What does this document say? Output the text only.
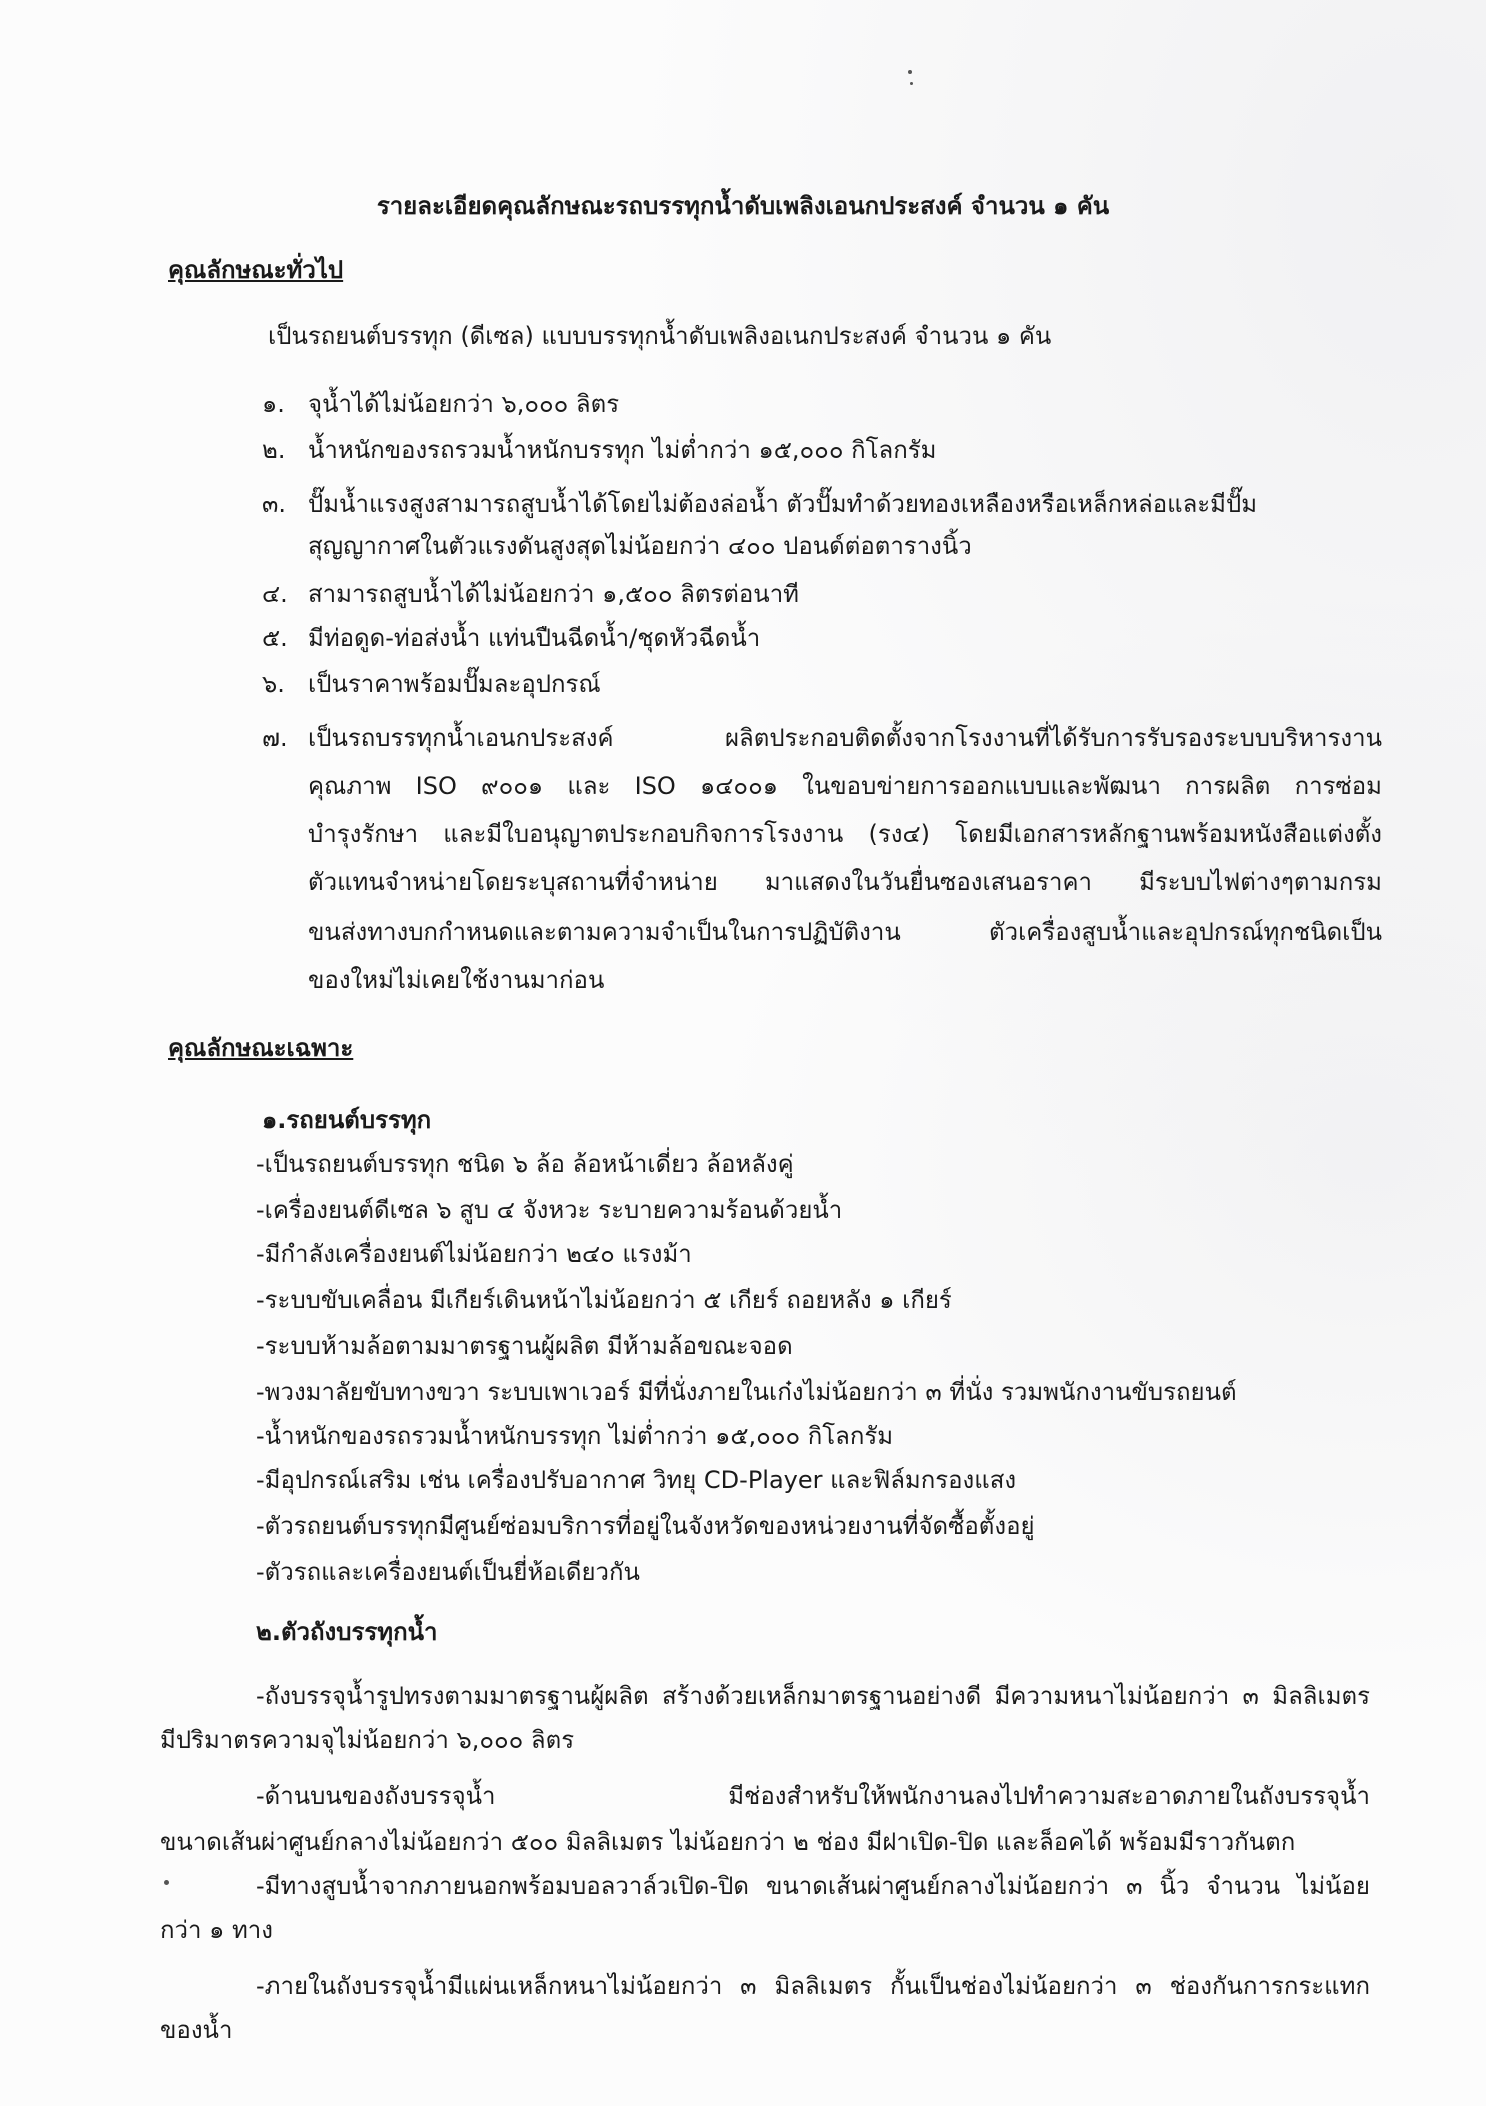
รายละเอียดคุณลักษณะรถบรรทุกน้ำดับเพลิงเอนกประสงค์ จำนวน ๑ คัน
คุณลักษณะทั่วไป
เป็นรถยนต์บรรทุก (ดีเซล) แบบบรรทุกน้ำดับเพลิงอเนกประสงค์ จำนวน ๑ คัน
๑. จุน้ำได้ไม่น้อยกว่า ๖,๐๐๐ ลิตร
๒. น้ำหนักของรถรวมน้ำหนักบรรทุก ไม่ต่ำกว่า ๑๕,๐๐๐ กิโลกรัม
๓. ปั๊มน้ำแรงสูงสามารถสูบน้ำได้โดยไม่ต้องล่อน้ำ ตัวปั๊มทำด้วยทองเหลืองหรือเหล็กหล่อและมีปั๊ม
สุญญากาศในตัวแรงดันสูงสุดไม่น้อยกว่า ๔๐๐ ปอนด์ต่อตารางนิ้ว
๔. สามารถสูบน้ำได้ไม่น้อยกว่า ๑,๕๐๐ ลิตรต่อนาที
๕. มีท่อดูด-ท่อส่งน้ำ แท่นปืนฉีดน้ำ/ชุดหัวฉีดน้ำ
๖. เป็นราคาพร้อมปั๊มละอุปกรณ์
๗. เป็นรถบรรทุกน้ำเอนกประสงค์ ผลิตประกอบติดตั้งจากโรงงานที่ได้รับการรับรองระบบบริหารงาน
คุณภาพ ISO ๙๐๐๑ และ ISO ๑๔๐๐๑ ในขอบข่ายการออกแบบและพัฒนา การผลิต การซ่อม
บำรุงรักษา และมีใบอนุญาตประกอบกิจการโรงงาน (รง๔) โดยมีเอกสารหลักฐานพร้อมหนังสือแต่งตั้ง
ตัวแทนจำหน่ายโดยระบุสถานที่จำหน่าย มาแสดงในวันยื่นซองเสนอราคา มีระบบไฟต่างๆตามกรม
ขนส่งทางบกกำหนดและตามความจำเป็นในการปฏิบัติงาน ตัวเครื่องสูบน้ำและอุปกรณ์ทุกชนิดเป็น
ของใหม่ไม่เคยใช้งานมาก่อน
คุณลักษณะเฉพาะ
๑.รถยนต์บรรทุก
-เป็นรถยนต์บรรทุก ชนิด ๖ ล้อ ล้อหน้าเดี่ยว ล้อหลังคู่
-เครื่องยนต์ดีเซล ๖ สูบ ๔ จังหวะ ระบายความร้อนด้วยน้ำ
-มีกำลังเครื่องยนต์ไม่น้อยกว่า ๒๔๐ แรงม้า
-ระบบขับเคลื่อน มีเกียร์เดินหน้าไม่น้อยกว่า ๕ เกียร์ ถอยหลัง ๑ เกียร์
-ระบบห้ามล้อตามมาตรฐานผู้ผลิต มีห้ามล้อขณะจอด
-พวงมาลัยขับทางขวา ระบบเพาเวอร์ มีที่นั่งภายในเก๋งไม่น้อยกว่า ๓ ที่นั่ง รวมพนักงานขับรถยนต์
-น้ำหนักของรถรวมน้ำหนักบรรทุก ไม่ต่ำกว่า ๑๕,๐๐๐ กิโลกรัม
-มีอุปกรณ์เสริม เช่น เครื่องปรับอากาศ วิทยุ CD-Player และฟิล์มกรองแสง
-ตัวรถยนต์บรรทุกมีศูนย์ซ่อมบริการที่อยู่ในจังหวัดของหน่วยงานที่จัดซื้อตั้งอยู่
-ตัวรถและเครื่องยนต์เป็นยี่ห้อเดียวกัน
๒.ตัวถังบรรทุกน้ำ
-ถังบรรจุน้ำรูปทรงตามมาตรฐานผู้ผลิต สร้างด้วยเหล็กมาตรฐานอย่างดี มีความหนาไม่น้อยกว่า ๓ มิลลิเมตร
มีปริมาตรความจุไม่น้อยกว่า ๖,๐๐๐ ลิตร
-ด้านบนของถังบรรจุน้ำ มีช่องสำหรับให้พนักงานลงไปทำความสะอาดภายในถังบรรจุน้ำ
ขนาดเส้นผ่าศูนย์กลางไม่น้อยกว่า ๕๐๐ มิลลิเมตร ไม่น้อยกว่า ๒ ช่อง มีฝาเปิด-ปิด และล็อคได้ พร้อมมีราวกันตก
-มีทางสูบน้ำจากภายนอกพร้อมบอลวาล์วเปิด-ปิด ขนาดเส้นผ่าศูนย์กลางไม่น้อยกว่า ๓ นิ้ว จำนวน ไม่น้อย
กว่า ๑ ทาง
-ภายในถังบรรจุน้ำมีแผ่นเหล็กหนาไม่น้อยกว่า ๓ มิลลิเมตร กั้นเป็นช่องไม่น้อยกว่า ๓ ช่องกันการกระแทก
ของน้ำ
